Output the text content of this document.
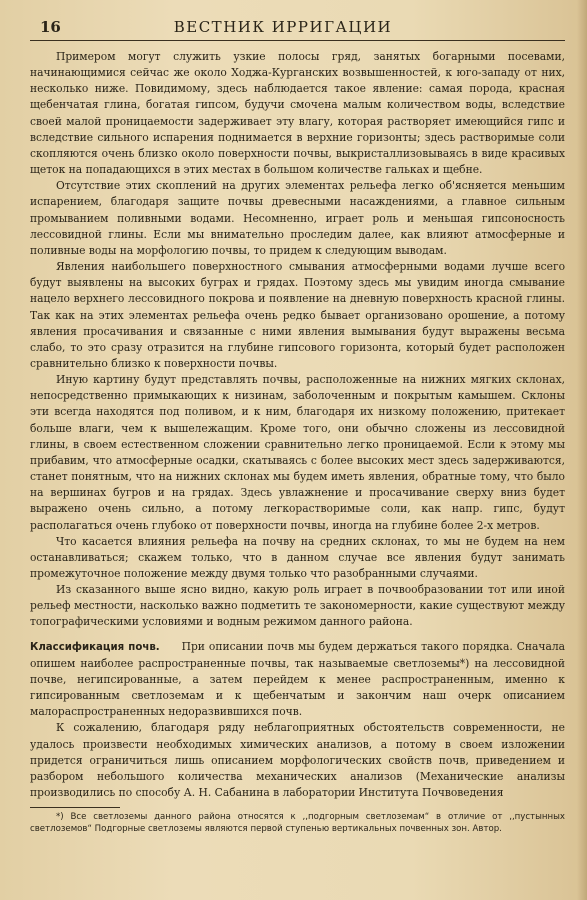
16	ВЕСТНИК ИРРИГАЦИИ

Примером могут служить узкие полосы гряд, занятых богарными посевами, начинающимися сейчас же около Ходжа-Курганских возвышенностей, к юго-западу от них, несколько ниже. Повидимому, здесь наблюдается такое явление: самая порода, красная щебенчатая глина, богатая гипсом, будучи смочена малым количеством воды, вследствие своей малой проницаемости задерживает эту влагу, которая растворяет имеющийся гипс и вследствие сильного испарения поднимается в верхние горизонты; здесь растворимые соли скопляются очень близко около поверхности почвы, выкристаллизовываясь в виде красивых щеток на попадающихся в этих местах в большом количестве гальках и щебне.

Отсутствие этих скоплений на других элементах рельефа легко об'ясняется меньшим испарением, благодаря защите почвы древесными насаждениями, а главное сильным промыванием поливными водами. Несомненно, играет роль и меньшая гипсоносность лессовидной глины. Если мы внимательно проследим далее, как влияют атмосферные и поливные воды на морфологию почвы, то придем к следующим выводам.

Явления наибольшего поверхностного смывания атмосферными водами лучше всего будут выявлены на высоких буграх и грядах. Поэтому здесь мы увидим иногда смывание нацело верхнего лессовидного покрова и появление на дневную поверхность красной глины. Так как на этих элементах рельефа очень редко бывает организовано орошение, а потому явления просачивания и связанные с ними явления вымывания будут выражены весьма слабо, то это сразу отразится на глубине гипсового горизонта, который будет расположен сравнительно близко к поверхности почвы.

Иную картину будут представлять почвы, расположенные на нижних мягких склонах, непосредственно примыкающих к низинам, заболоченным и покрытым камышем. Склоны эти всегда находятся под поливом, и к ним, благодаря их низкому положению, притекает больше влаги, чем к вышележащим. Кроме того, они обычно сложены из лессовидной глины, в своем естественном сложении сравнительно легко проницаемой. Если к этому мы прибавим, что атмосферные осадки, скатываясь с более высоких мест здесь задерживаются, станет понятным, что на нижних склонах мы будем иметь явления, обратные тому, что было на вершинах бугров и на грядах. Здесь увлажнение и просачивание сверху вниз будет выражено очень сильно, а потому легкорастворимые соли, как напр. гипс, будут располагаться очень глубоко от поверхности почвы, иногда на глубине более 2-х метров.

Что касается влияния рельефа на почву на средних склонах, то мы не будем на нем останавливаться; скажем только, что в данном случае все явления будут занимать промежуточное положение между двумя только что разобранными случаями.

Из сказанного выше ясно видно, какую роль играет в почвообразовании тот или иной рельеф местности, насколько важно подметить те закономерности, какие существуют между топографическими условиями и водным режимом данного района.

Классификация почв. При описании почв мы будем держаться такого порядка. Сначала опишем наиболее распространенные почвы, так называемые светлоземы*) на лессовидной почве, негипсированные, а затем перейдем к менее распространенным, именно к гипсированным светлоземам и к щебенчатым и закончим наш очерк описанием малораспространенных недоразвившихся почв.

К сожалению, благодаря ряду неблагоприятных обстоятельств современности, не удалось произвести необходимых химических анализов, а потому в своем изложении придется ограничиться лишь описанием морфологических свойств почв, приведением и разбором небольшого количества механических анализов (Механические анализы производились по способу А. Н. Сабанина в лаборатории Института Почвоведения

*) Все светлоземы данного района относятся к ,,подгорным светлоземам“ в отличие от ,,пустынных светлоземов“ Подгорные светлоземы являются первой ступенью вертикальных почвенных зон. Автор.
